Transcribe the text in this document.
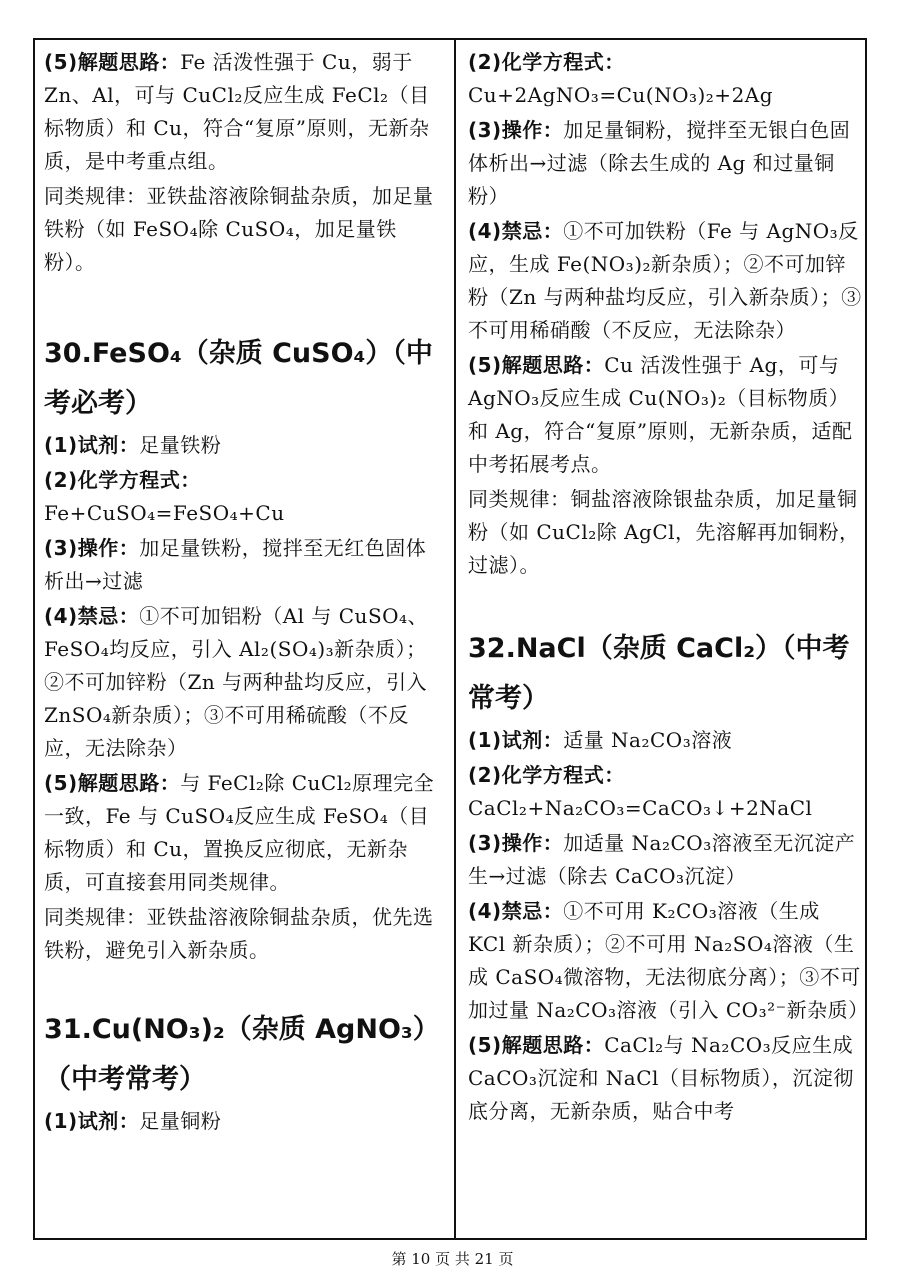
(5)解题思路：Fe 活泼性强于 Cu，弱于 Zn、Al，可与 CuCl₂反应生成 FeCl₂（目标物质）和 Cu，符合“复原”原则，无新杂质，是中考重点组。

同类规律：亚铁盐溶液除铜盐杂质，加足量铁粉（如 FeSO₄除 CuSO₄，加足量铁粉）。

30.FeSO₄（杂质 CuSO₄）（中考必考）

(1)试剂：足量铁粉

(2)化学方程式：Fe+CuSO₄=FeSO₄+Cu

(3)操作：加足量铁粉，搅拌至无红色固体析出→过滤

(4)禁忌：①不可加铝粉（Al 与 CuSO₄、FeSO₄均反应，引入 Al₂(SO₄)₃新杂质）；②不可加锌粉（Zn 与两种盐均反应，引入 ZnSO₄新杂质）；③不可用稀硫酸（不反应，无法除杂）

(5)解题思路：与 FeCl₂除 CuCl₂原理完全一致，Fe 与 CuSO₄反应生成 FeSO₄（目标物质）和 Cu，置换反应彻底，无新杂质，可直接套用同类规律。

同类规律：亚铁盐溶液除铜盐杂质，优先选铁粉，避免引入新杂质。

31.Cu(NO₃)₂（杂质 AgNO₃）（中考常考）

(1)试剂：足量铜粉

(2)化学方程式：
Cu+2AgNO₃=Cu(NO₃)₂+2Ag

(3)操作：加足量铜粉，搅拌至无银白色固体析出→过滤（除去生成的 Ag 和过量铜粉）

(4)禁忌：①不可加铁粉（Fe 与 AgNO₃反应，生成 Fe(NO₃)₂新杂质）；②不可加锌粉（Zn 与两种盐均反应，引入新杂质）；③不可用稀硝酸（不反应，无法除杂）

(5)解题思路：Cu 活泼性强于 Ag，可与 AgNO₃反应生成 Cu(NO₃)₂（目标物质）和 Ag，符合“复原”原则，无新杂质，适配中考拓展考点。

同类规律：铜盐溶液除银盐杂质，加足量铜粉（如 CuCl₂除 AgCl，先溶解再加铜粉，过滤）。

32.NaCl（杂质 CaCl₂）（中考常考）

(1)试剂：适量 Na₂CO₃溶液

(2)化学方程式：CaCl₂+Na₂CO₃=CaCO₃↓+2NaCl

(3)操作：加适量 Na₂CO₃溶液至无沉淀产生→过滤（除去 CaCO₃沉淀）

(4)禁忌：①不可用 K₂CO₃溶液（生成 KCl 新杂质）；②不可用 Na₂SO₄溶液（生成 CaSO₄微溶物，无法彻底分离）；③不可加过量 Na₂CO₃溶液（引入 CO₃²⁻新杂质）

(5)解题思路：CaCl₂与 Na₂CO₃反应生成 CaCO₃沉淀和 NaCl（目标物质），沉淀彻底分离，无新杂质，贴合中考

第 10 页 共 21 页
